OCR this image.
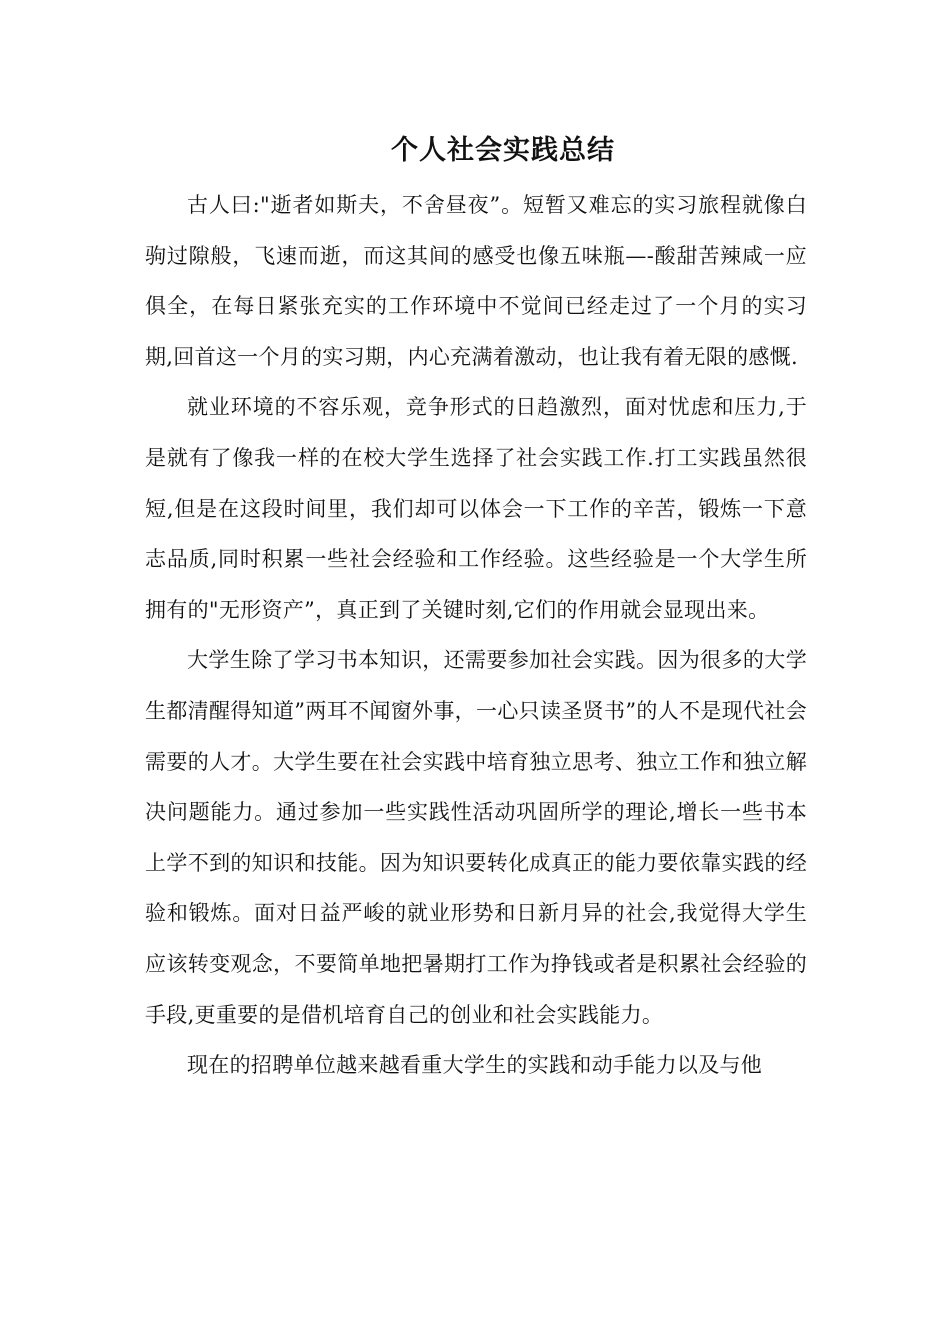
个人社会实践总结

古人曰:"逝者如斯夫，不舍昼夜”。短暂又难忘的实习旅程就像白驹过隙般，飞速而逝，而这其间的感受也像五味瓶—-酸甜苦辣咸一应俱全，在每日紧张充实的工作环境中不觉间已经走过了一个月的实习期,回首这一个月的实习期，内心充满着激动，也让我有着无限的感慨.

就业环境的不容乐观，竞争形式的日趋激烈，面对忧虑和压力,于是就有了像我一样的在校大学生选择了社会实践工作.打工实践虽然很短,但是在这段时间里，我们却可以体会一下工作的辛苦，锻炼一下意志品质,同时积累一些社会经验和工作经验。这些经验是一个大学生所拥有的"无形资产”，真正到了关键时刻,它们的作用就会显现出来。

大学生除了学习书本知识，还需要参加社会实践。因为很多的大学生都清醒得知道”两耳不闻窗外事，一心只读圣贤书”的人不是现代社会需要的人才。大学生要在社会实践中培育独立思考、独立工作和独立解决问题能力。通过参加一些实践性活动巩固所学的理论,增长一些书本上学不到的知识和技能。因为知识要转化成真正的能力要依靠实践的经验和锻炼。面对日益严峻的就业形势和日新月异的社会,我觉得大学生应该转变观念，不要简单地把暑期打工作为挣钱或者是积累社会经验的手段,更重要的是借机培育自己的创业和社会实践能力。

现在的招聘单位越来越看重大学生的实践和动手能力以及与他
